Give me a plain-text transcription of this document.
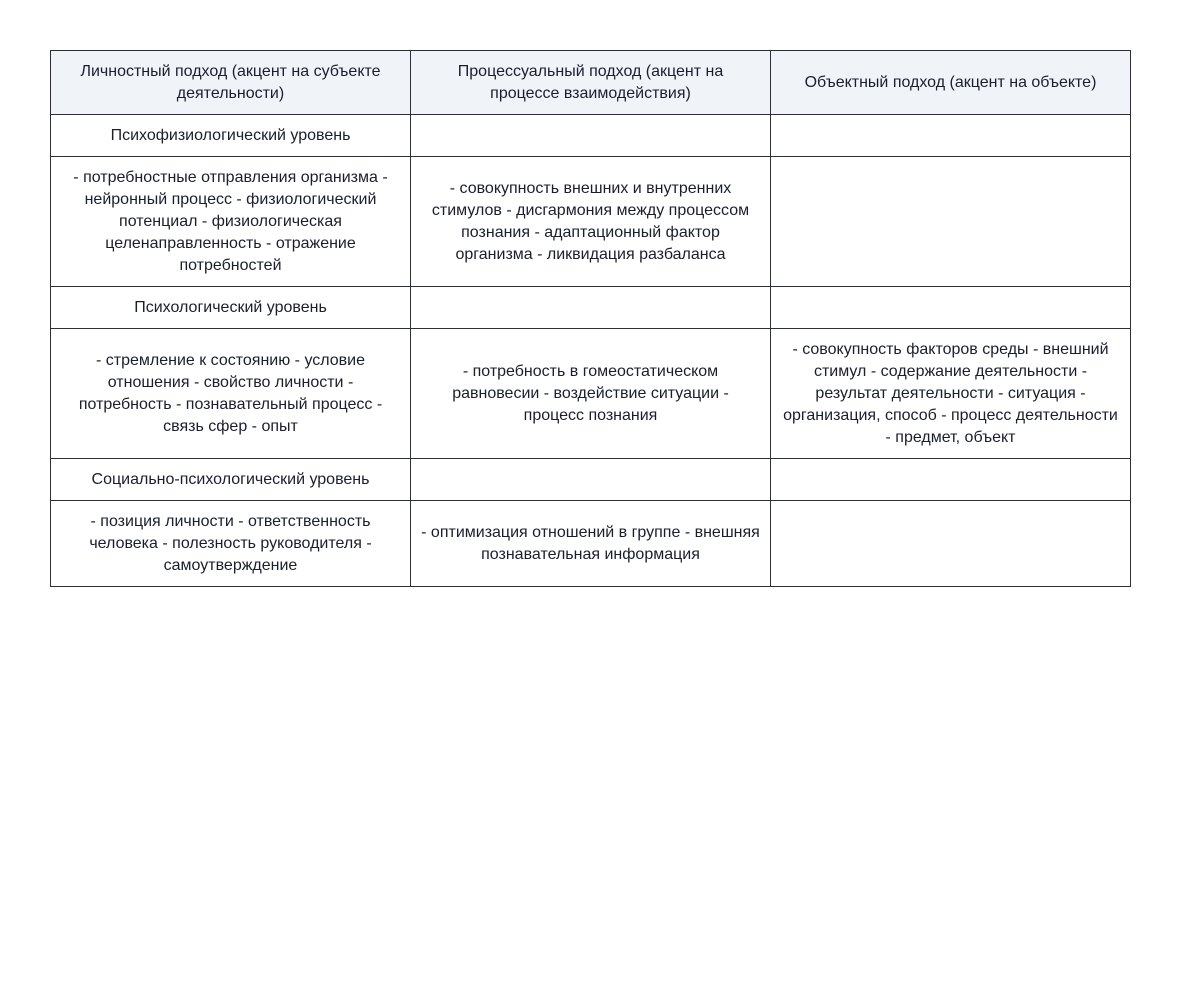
Личностный подход (акцент на субъекте деятельности)	Процессуальный подход (акцент на процессе взаимодействия)	Объектный подход (акцент на объекте)
Психофизиологический уровень		
- потребностные отправления организма - нейронный процесс - физиологический потенциал - физиологическая целенаправленность - отражение потребностей	- совокупность внешних и внутренних стимулов - дисгармония между процессом познания - адаптационный фактор организма - ликвидация разбаланса	
Психологический уровень		
- стремление к состоянию - условие отношения - свойство личности - потребность - познавательный процесс - связь сфер - опыт	- потребность в гомеостатическом равновесии - воздействие ситуации - процесс познания	- совокупность факторов среды - внешний стимул - содержание деятельности - результат деятельности - ситуация - организация, способ - процесс деятельности - предмет, объект
Социально-психологический уровень		
- позиция личности - ответственность человека - полезность руководителя - самоутверждение	- оптимизация отношений в группе - внешняя познавательная информация	
